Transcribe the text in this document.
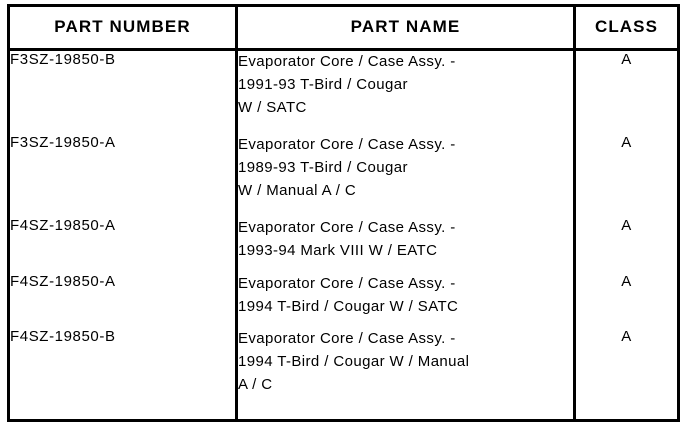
PART NUMBER	PART NAME	CLASS
F3SZ-19850-B	Evaporator Core / Case Assy. -
1991-93 T-Bird / Cougar
W / SATC	A
F3SZ-19850-A	Evaporator Core / Case Assy. -
1989-93 T-Bird / Cougar
W / Manual A / C	A
F4SZ-19850-A	Evaporator Core / Case Assy. -
1993-94 Mark VIII W / EATC	A
F4SZ-19850-A	Evaporator Core / Case Assy. -
1994 T-Bird / Cougar W / SATC	A
F4SZ-19850-B	Evaporator Core / Case Assy. -
1994 T-Bird / Cougar W / Manual
A / C	A
